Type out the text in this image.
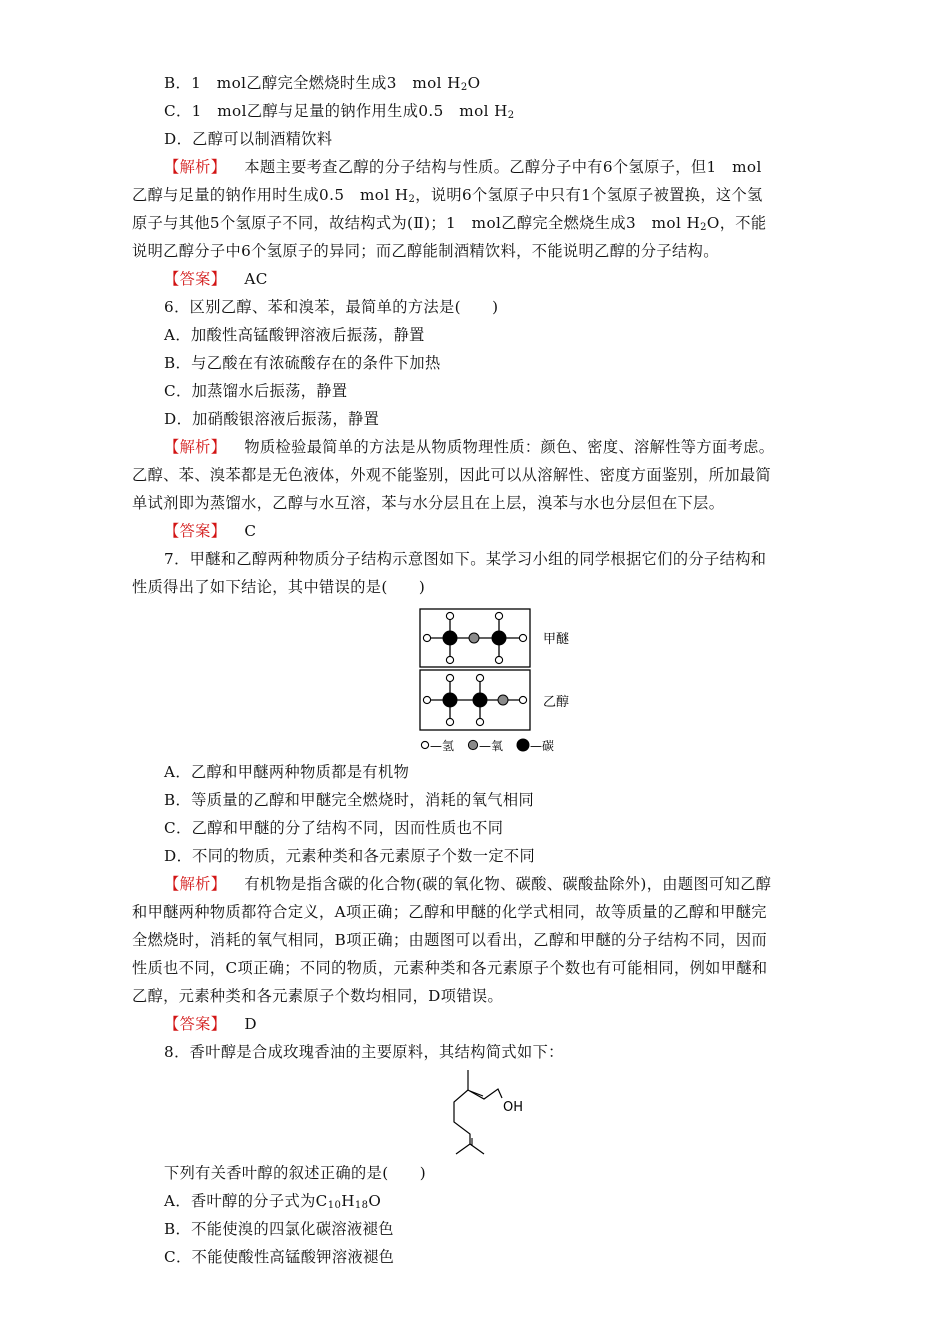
B．1　mol乙醇完全燃烧时生成3　mol $H_2O$
C．1　mol乙醇与足量的钠作用生成0.5　mol $H_2$
D．乙醇可以制酒精饮料
【解析】 本题主要考查乙醇的分子结构与性质。乙醇分子中有6个氢原子，但1　mol
乙醇与足量的钠作用时生成0.5　mol $H_2$，说明6个氢原子中只有1个氢原子被置换，这个氢
原子与其他5个氢原子不同，故结构式为(Ⅱ)；1　mol乙醇完全燃烧生成3　mol $H_2O$，不能
说明乙醇分子中6个氢原子的异同；而乙醇能制酒精饮料，不能说明乙醇的分子结构。
【答案】 AC
6．区别乙醇、苯和溴苯，最简单的方法是(　　)
A．加酸性高锰酸钾溶液后振荡，静置
B．与乙酸在有浓硫酸存在的条件下加热
C．加蒸馏水后振荡，静置
D．加硝酸银溶液后振荡，静置
【解析】 物质检验最简单的方法是从物质物理性质：颜色、密度、溶解性等方面考虑。
乙醇、苯、溴苯都是无色液体，外观不能鉴别，因此可以从溶解性、密度方面鉴别，所加最简
单试剂即为蒸馏水，乙醇与水互溶，苯与水分层且在上层，溴苯与水也分层但在下层。
【答案】 C
7．甲醚和乙醇两种物质分子结构示意图如下。某学习小组的同学根据它们的分子结构和
性质得出了如下结论，其中错误的是(　　)
甲醚
乙醇
—氢 —氧 —碳
A．乙醇和甲醚两种物质都是有机物
B．等质量的乙醇和甲醚完全燃烧时，消耗的氧气相同
C．乙醇和甲醚的分了结构不同，因而性质也不同
D．不同的物质，元素种类和各元素原子个数一定不同
【解析】 有机物是指含碳的化合物(碳的氧化物、碳酸、碳酸盐除外)，由题图可知乙醇
和甲醚两种物质都符合定义，A项正确；乙醇和甲醚的化学式相同，故等质量的乙醇和甲醚完
全燃烧时，消耗的氧气相同，B项正确；由题图可以看出，乙醇和甲醚的分子结构不同，因而
性质也不同，C项正确；不同的物质，元素种类和各元素原子个数也有可能相同，例如甲醚和
乙醇，元素种类和各元素原子个数均相同，D项错误。
【答案】 D
8．香叶醇是合成玫瑰香油的主要原料，其结构简式如下：
OH
下列有关香叶醇的叙述正确的是(　　)
A．香叶醇的分子式为$C_{10}H_{18}O$
B．不能使溴的四氯化碳溶液褪色
C．不能使酸性高锰酸钾溶液褪色
